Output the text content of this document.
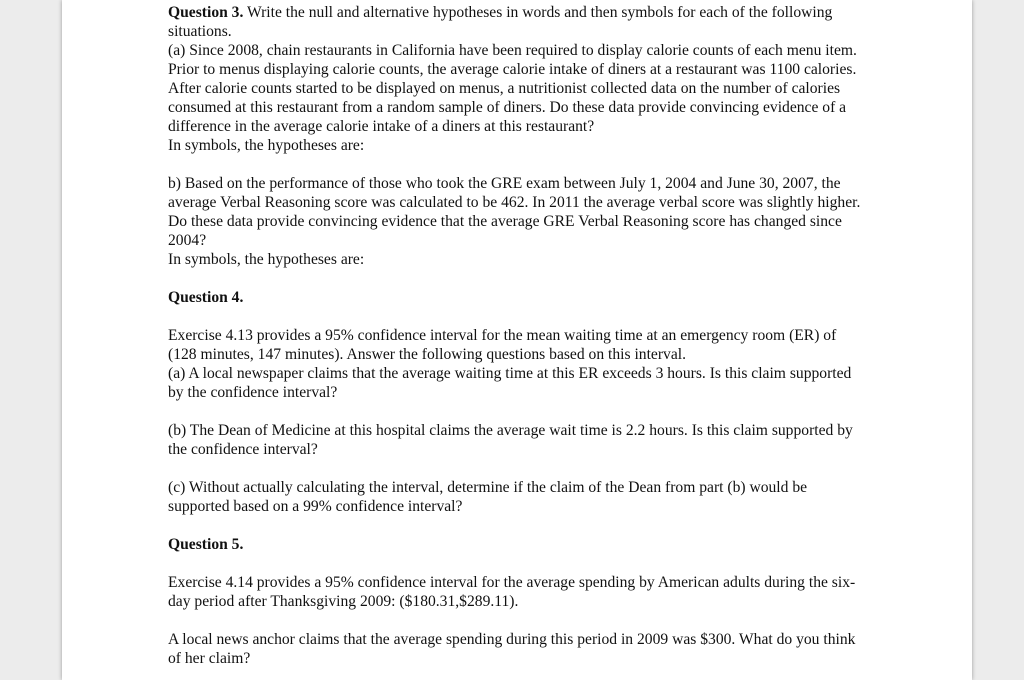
Question 3. Write the null and alternative hypotheses in words and then symbols for each of the following situations.

(a) Since 2008, chain restaurants in California have been required to display calorie counts of each menu item. Prior to menus displaying calorie counts, the average calorie intake of diners at a restaurant was 1100 calories. After calorie counts started to be displayed on menus, a nutritionist collected data on the number of calories consumed at this restaurant from a random sample of diners. Do these data provide convincing evidence of a difference in the average calorie intake of a diners at this restaurant?

In symbols, the hypotheses are:

b) Based on the performance of those who took the GRE exam between July 1, 2004 and June 30, 2007, the average Verbal Reasoning score was calculated to be 462. In 2011 the average verbal score was slightly higher. Do these data provide convincing evidence that the average GRE Verbal Reasoning score has changed since 2004?

In symbols, the hypotheses are:

Question 4.

Exercise 4.13 provides a 95% confidence interval for the mean waiting time at an emergency room (ER) of (128 minutes, 147 minutes). Answer the following questions based on this interval.

(a) A local newspaper claims that the average waiting time at this ER exceeds 3 hours. Is this claim supported by the confidence interval?

(b) The Dean of Medicine at this hospital claims the average wait time is 2.2 hours. Is this claim supported by the confidence interval?

(c) Without actually calculating the interval, determine if the claim of the Dean from part (b) would be supported based on a 99% confidence interval?

Question 5.

Exercise 4.14 provides a 95% confidence interval for the average spending by American adults during the six-day period after Thanksgiving 2009: ($180.31,$289.11).

A local news anchor claims that the average spending during this period in 2009 was $300. What do you think of her claim?
